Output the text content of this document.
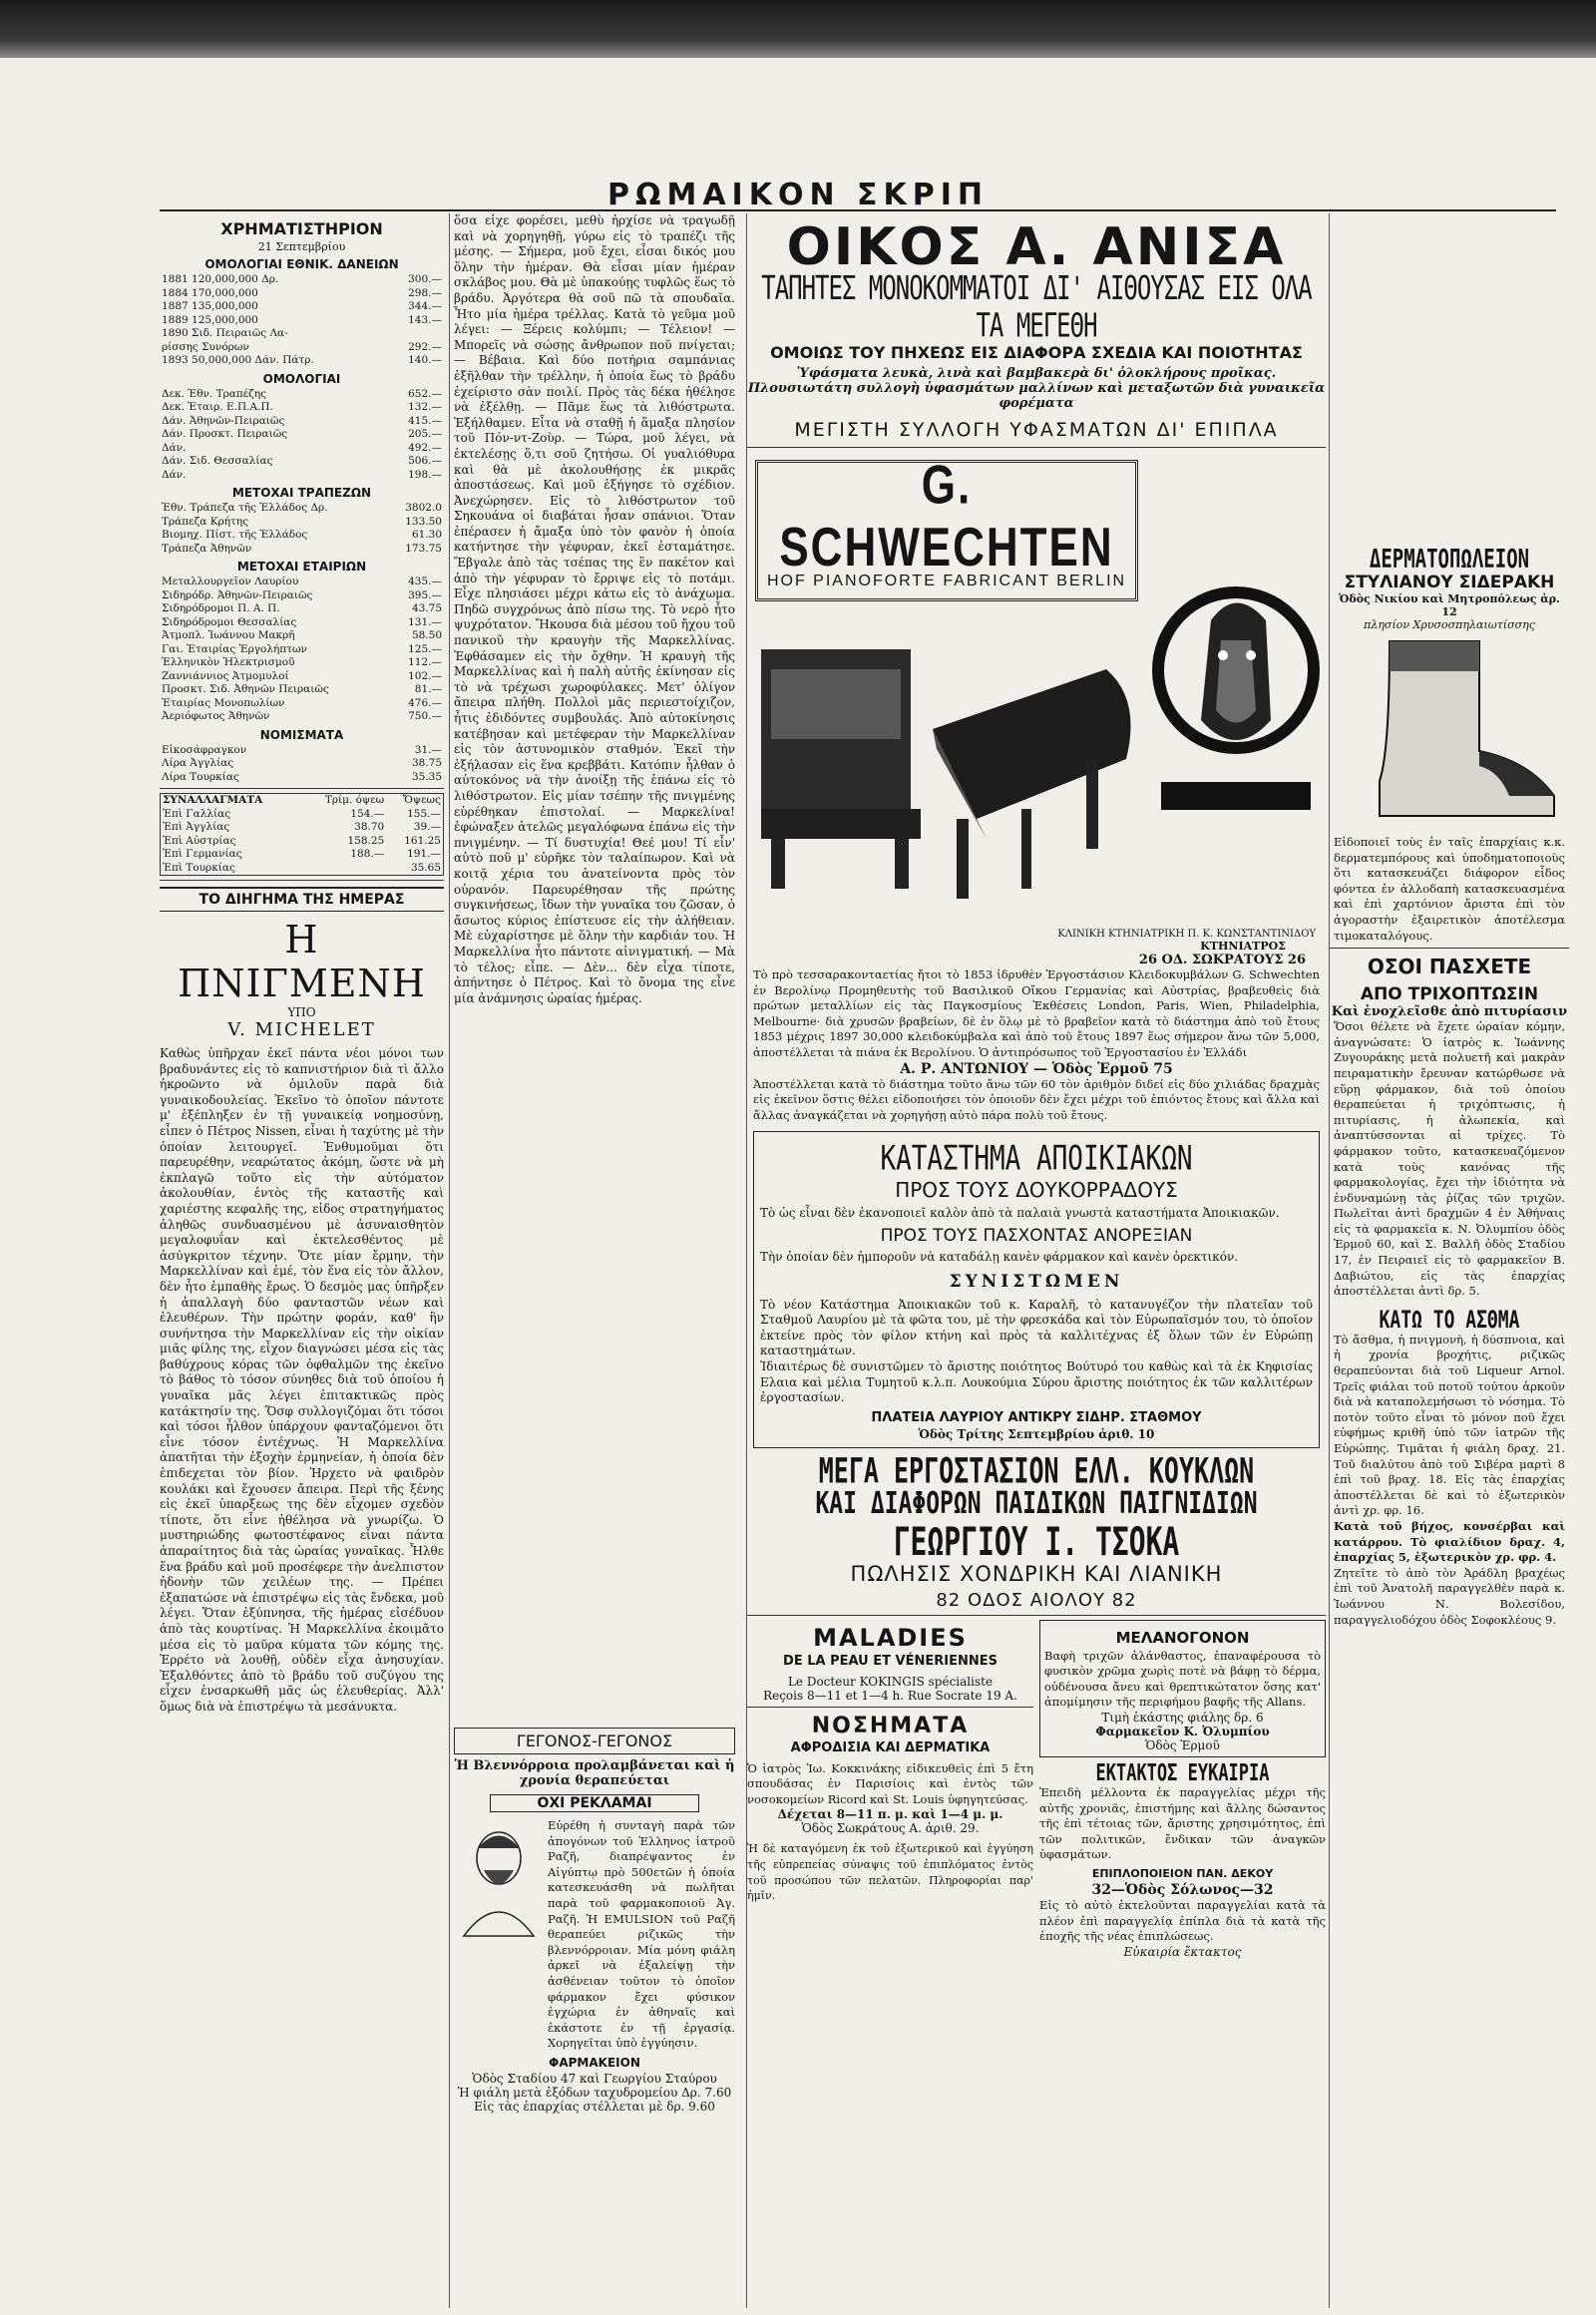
ΡΩΜΑΙΚΟΝ ΣΚΡΙΠ
ΧΡΗΜΑΤΙΣΤΗΡΙΟΝ
21 Σεπτεμβρίου
ΟΜΟΛΟΓΙΑΙ ΕΘΝΙΚ. ΔΑΝΕΙΩΝ
1881 120,000,000 Δρ.	300.—
1884 170,000,000	298.—
1887 135,000,000	344.—
1889 125,000,000	143.—
1890 Σιδ. Πειραιῶς Λα-	
ρίσσης Συνόρων	292.—
1893 50,000,000 Δάν. Πάτρ.	140.—
ΟΜΟΛΟΓΙΑΙ
Δεκ. Ἐθν. Τραπέζης	652.—
Δεκ. Ἑταιρ. Ε.Π.Α.Π.	132.—
Δάν. Ἀθηνῶν-Πειραιῶς	415.—
Δάν. Προσκτ. Πειραιῶς	205.—
Δάν.	492.—
Δάν. Σιδ. Θεσσαλίας	506.—
Δάν.	198.—
ΜΕΤΟΧΑΙ ΤΡΑΠΕΖΩΝ
Ἐθν. Τράπεζα τῆς Ἑλλάδος Δρ.	3802.0
Τράπεζα Κρήτης	133.50
Βιομηχ. Πίστ. τῆς Ἑλλάδος	61.30
Τράπεζα Ἀθηνῶν	173.75
ΜΕΤΟΧΑΙ ΕΤΑΙΡΙΩΝ
Μεταλλουργεῖον Λαυρίου	435.—
Σιδηρόδρ. Ἀθηνῶν-Πειραιῶς	395.—
Σιδηρόδρομοι Π. Α. Π.	43.75
Σιδηρόδρομοι Θεσσαλίας	131.—
Ἀτμοπλ. Ἰωάννου Μακρῆ	58.50
Γαι. Ἑταιρίας Ἐργολήπτων	125.—
Ἑλληνικὸν Ἠλεκτρισμοῦ	112.—
Ζαννιάννιος Ἀτμομυλοί	102.—
Προσκτ. Σιδ. Ἀθηνῶν Πειραιῶς	81.—
Ἑταιρίας Μονοπωλίων	476.—
Ἀεριόφωτος Ἀθηνῶν	750.—
ΝΟΜΙΣΜΑΤΑ
Εἰκοσάφραγκον	31.—
Λίρα Ἀγγλίας	38.75
Λίρα Τουρκίας	35.35
ΣΥΝΑΛΛΑΓΜΑΤΑ	Τρίμ. όψεω	Ὄψεως
Ἐπὶ Γαλλίας	154.—	155.—
Ἐπὶ Ἀγγλίας	38.70	39.—
Ἐπὶ Αὐστρίας	158.25	161.25
Ἐπὶ Γερμανίας	188.—	191.—
Ἐπὶ Τουρκίας		35.65
ΤΟ ΔΙΗΓΗΜΑ ΤΗΣ ΗΜΕΡΑΣ
Η ΠΝΙΓΜΕΝΗ
ΥΠΟ
V. MICHELET

Καθὼς ὑπῆρχαν ἐκεῖ πάντα νέοι μόνοι των βραδυνάντες εἰς τὸ καπνιστήριον διὰ τὶ ἄλλο ἠκροῶντο νὰ ὁμιλοῦν παρὰ διὰ γυναικοδουλείας. Ἐκεῖνο τὸ ὁποῖον πάντοτε μ' ἐξέπληξεν ἐν τῇ γυναικείᾳ νοημοσύνῃ, εἶπεν ὁ Πέτρος Nissen, εἶναι ἡ ταχύτης μὲ τὴν ὁποίαν λειτουργεῖ. Ἐνθυμοῦμαι ὅτι παρευρέθην, νεαρώτατος ἀκόμη, ὥστε νὰ μὴ ἐκπλαγῶ τοῦτο εἰς τὴν αὐτόματον ἀκολουθίαν, ἐντὸς τῆς καταστῆς καὶ χαριέστης κεφαλῆς της, εἰδος στρατηγήματος ἀληθῶς συνδυασμένου μὲ ἀσυναισθητὸν μεγαλοφυΐαν καὶ ἐκτελεσθέντος μὲ ἀσύγκριτον τέχνην. Ὅτε μίαν ἔρμην, τὴν Μαρκελλίναν καὶ ἐμέ, τὸν ἕνα εἰς τὸν ἄλλον, δὲν ἦτο ἐμπαθὴς ἔρως. Ὁ δεσμὸς μας ὑπῆρξεν ἡ ἀπαλλαγὴ δύο φανταστῶν νέων καὶ ἐλευθέρων. Τὴν πρώτην φοράν, καθ' ἣν συνήντησα τὴν Μαρκελλίναν εἰς τὴν οἰκίαν μιᾶς φίλης της, εἶχον διαγνώσει μέσα εἰς τὰς βαθύχρους κόρας τῶν ὀφθαλμῶν της ἐκεῖνο τὸ βάθος τὸ τόσον σύνηθες διὰ τοῦ ὁποίου ἡ γυναῖκα μᾶς λέγει ἐπιτακτικῶς πρὸς κατάκτησίν της. Ὅσφ συλλογιζόμαι ὅτι τόσοι καὶ τόσοι ἦλθον ὑπάρχουν φανταζόμενοι ὅτι εἶνε τόσον ἐντέχνως. Ἡ Μαρκελλίνα ἀπατῆται τὴν ἐξοχὴν ἐρμηνείαν, ἡ ὁποία δὲν ἐπιδεχεται τὸν βίον. Ἠρχετο νὰ φαιδρὸν κουλάκι καὶ ἔχουσεν ἄπειρα. Περὶ τῆς ξένης εἰς ἐκεῖ ὑπαρξεως της δὲν εἶχομεν σχεδὸν τίποτε, ὅτι εἶνε ἠθέλησα νὰ γνωρίζω. Ὁ μυστηριώδης φωτοστέφανος εἶναι πάντα ἀπαραίτητος διὰ τὰς ὡραίας γυναῖκας. Ἦλθε ἕνα βράδυ καὶ μοῦ προσέφερε τὴν ἀνελπιστον ἡδονὴν τῶν χειλέων της. — Πρέπει ἐξαπατώσε νὰ ἐπιστρέψω εἰς τὰς ἔνδεκα, μοῦ λέγει. Ὅταν ἐξύπνησα, τῆς ἡμέρας εἰσέδυον ἀπὸ τὰς κουρτίνας. Ἡ Μαρκελλίνα ἐκοιμᾶτο μέσα εἰς τὸ μαῦρα κύματα τῶν κόμης της. Ἐρρέτο νὰ λουθῇ, οὐδὲν εἶχα ἀνησυχίαν. Ἐξαλθόντες ἀπὸ τὸ βράδυ τοῦ συζύγου της εἶχεν ἐνσαρκωθῆ μᾶς ὡς ἐλευθερίας. Ἀλλ' ὅμως διὰ νὰ ἐπιστρέψω τὰ μεσάνυκτα.

ὅσα εἶχε φορέσει, μεθὺ ἠρχίσε νὰ τραγωδῇ καὶ νὰ χορηγηθῇ, γύρω εἰς τὸ τραπέζι τῆς μέσης. — Σήμερα, μοῦ ἔχει, εἶσαι δικός μου ὅλην τὴν ἡμέραν. Θὰ εἶσαι μίαν ἡμέραν σκλάβος μου. Θὰ μὲ ὑπακούῃς τυφλῶς ἕως τὸ βράδυ. Ἀργότερα θὰ σοῦ πῶ τὰ σπουδαῖα. Ἦτο μία ἡμέρα τρέλλας. Κατὰ τὸ γεῦμα μοῦ λέγει: — Ξέρεις κολύμπι; — Τέλειον! — Μπορεῖς νὰ σώσῃς ἄνθρωπον ποῦ πνίγεται; — Βέβαια. Καὶ δύο ποτήρια σαμπάνιας ἐξῆλθαν τὴν τρέλλην, ἡ ὁποία ἕως τὸ βράδυ ἐχείριστο σὰν ποιλί. Πρὸς τὰς δέκα ἠθέλησε νὰ ἐξέλθῃ. — Πᾶμε ἕως τὰ λιθόστρωτα. Ἐξήλθαμεν. Εἶτα νὰ σταθῇ ἡ ἅμαξα πλησίον τοῦ Πόν-ντ-Ζοὺρ. — Τώρα, μοῦ λέγει, νὰ ἐκτελέσῃς ὅ,τι σοῦ ζητήσω. Οἱ γυαλιόθυρα καὶ θὰ μὲ ἀκολουθήσῃς ἐκ μικρᾶς ἀποστάσεως. Καὶ μοῦ ἐξήγησε τὸ σχέδιον. Ἀνεχώρησεν. Εἰς τὸ λιθόστρωτον τοῦ Σηκουάνα οἱ διαβάται ἦσαν σπάνιοι. Ὅταν ἐπέρασεν ἡ ἄμαξα ὑπὸ τὸν φανὸν ἡ ὁποία κατήντησε τὴν γέφυραν, ἐκεῖ ἐσταμάτησε. Ἔβγαλε ἀπὸ τὰς τσέπας της ἓν πακέτον καὶ ἀπὸ τὴν γέφυραν τὸ ἔρριψε εἰς τὸ ποτάμι. Εἶχε πλησιάσει μέχρι κάτω εἰς τὸ ἀνάχωμα. Πηδῶ συγχρόνως ἀπὸ πίσω της. Τὸ νερὸ ἦτο ψυχρότατον. Ἤκουσα διὰ μέσου τοῦ ἤχου τοῦ πανικοῦ τὴν κραυγὴν τῆς Μαρκελλίνας. Ἐφθάσαμεν εἰς τὴν ὄχθην. Ἡ κραυγὴ τῆς Μαρκελλίνας καὶ ἡ παλὴ αὐτῆς ἐκίνησαν εἰς τὸ νὰ τρέχωσι χωροφύλακες. Μετ' ὀλίγον ἄπειρα πλήθη. Πολλοὶ μᾶς περιεστοίχιζον, ἦτις ἐδιδόντες συμβουλάς. Ἀπὸ αὐτοκίνησις κατέβησαν καὶ μετέφεραν τὴν Μαρκελλίναν εἰς τὸν ἀστυνομικὸν σταθμόν. Ἐκεῖ τὴν ἐξήλασαν εἰς ἕνα κρεββάτι. Κατόπιν ἦλθαν ὁ αὐτοκόνος νὰ τὴν ἀνοίξῃ τῆς ἐπάνω εἰς τὸ λιθόστρωτον. Εἰς μίαν τσέπην τῆς πνιγμένης εὑρέθηκαν ἐπιστολαί. — Μαρκελίνα! ἐφώναξεν ἀτελῶς μεγαλόφωνα ἐπάνω εἰς τὴν πνιγμένην. — Τί δυστυχία! Θεέ μου! Τί εἶν' αὐτὸ ποῦ μ' εὑρῆκε τὸν ταλαίπωρον. Καὶ νὰ κοιτᾷ χέρια του ἀνατείνοντα πρὸς τὸν οὐρανόν. Παρευρέθησαν τῆς πρώτης συγκινήσεως, ἴδων τὴν γυναῖκα του ζῶσαν, ὁ ἄσωτος κύριος ἐπίστευσε εἰς τὴν ἀλήθειαν. Μὲ εὐχαρίστησε μὲ ὅλην τὴν καρδιάν του. Ἡ Μαρκελλίνα ἦτο πάντοτε αἰνιγματική. — Μὰ τὸ τέλος; εἶπε. — Δὲν... δὲν εἶχα τίποτε, ἀπήντησε ὁ Πέτρος. Καὶ τὸ ὄνομα της εἶνε μία ἀνάμνησις ὡραίας ἡμέρας.

ΓΕΓΟΝΟΣ-ΓΕΓΟΝΟΣ
Ἡ Βλεννόρροια προλαμβάνεται καὶ ἡ χρονία θεραπεύεται
ΟΧΙ ΡΕΚΛΑΜΑΙ

Εὐρέθη ἡ συνταγὴ παρὰ τῶν ἀπογόνων τοῦ Ἑλληνος ἰατροῦ Ραζῆ, διαπρέψαντος ἐν Αἰγύπτῳ πρὸ 500ετῶν ἡ ὁποία κατεσκευάσθη νὰ πωλῆται παρὰ τοῦ φαρμακοποιοῦ Ἀγ. Ραζῆ. Ἡ EMULSION τοῦ Ραζῆ θεραπεύει ριζικῶς τὴν βλεννόρροιαν. Μία μόνη φιάλη ἀρκεῖ νὰ ἐξαλείψῃ τὴν ἀσθένειαν τοῦτον τὸ ὁποῖον φάρμακον ἔχει φύσικον ἐγχώρια ἐν ἀθηναῖς καὶ ἑκάστοτε ἐν τῇ ἐργασίᾳ. Χορηγεῖται ὑπὸ ἐγγύησιν.

ΦΑΡΜΑΚΕΙΟΝ
Ὁδὸς Σταδίου 47 καὶ Γεωργίου Σταύρου
Ἡ φιάλη μετὰ ἐξόδων ταχυδρομείου Δρ. 7.60
Εἰς τὰς ἐπαρχίας στέλλεται μὲ δρ. 9.60
ΟΙΚΟΣ Α. ΑΝΙΣΑ
ΤΑΠΗΤΕΣ ΜΟΝΟΚΟΜΜΑΤΟΙ ΔΙ' ΑΙΘΟΥΣΑΣ ΕΙΣ ΟΛΑ ΤΑ ΜΕΓΕΘΗ
ΟΜΟΙΩΣ ΤΟΥ ΠΗΧΕΩΣ ΕΙΣ ΔΙΑΦΟΡΑ ΣΧΕΔΙΑ ΚΑΙ ΠΟΙΟΤΗΤΑΣ
Ὑφάσματα λευκὰ, λινὰ καὶ βαμβακερὰ δι' ὁλοκλήρους προῖκας. Πλουσιωτάτη συλλογὴ ὑφασμάτων μαλλίνων καὶ μεταξωτῶν διὰ γυναικεῖα φορέματα
ΜΕΓΙΣΤΗ ΣΥΛΛΟΓΗ ΥΦΑΣΜΑΤΩΝ ΔΙ' ΕΠΙΠΛΑ
G. SCHWECHTEN
HOF PIANOFORTE FABRICANT BERLIN
ΚΛΙΝΙΚΗ ΚΤΗΝΙΑΤΡΙΚΗ Π. Κ. ΚΩΝΣΤΑΝΤΙΝΙΔΟΥ
ΚΤΗΝΙΑΤΡΟΣ
26 ΟΔ. ΣΩΚΡΑΤΟΥΣ 26

Τὸ πρὸ τεσσαρακονταετίας ἤτοι τὸ 1853 ἱδρυθὲν Ἐργοστάσιον Κλειδοκυμβάλων G. Schwechten ἐν Βερολίνῳ Προμηθευτὴς τοῦ Βασιλικοῦ Οἴκου Γερμανίας καὶ Αὐστρίας, βραβευθεὶς διὰ πρώτων μεταλλίων εἰς τὰς Παγκοσμίους Ἐκθέσεις London, Paris, Wien, Philadelphia, Melbourne· διὰ χρυσῶν βραβείων, δὲ ἐν ὅλῳ μὲ τὸ βραβεῖον κατὰ τὸ διάστημα ἀπὸ τοῦ ἔτους 1853 μέχρις 1897 30,000 κλειδοκύμβαλα καὶ ἀπὸ τοῦ ἔτους 1897 ἕως σήμερον ἄνω τῶν 5,000, ἀποστέλλεται τὰ πιάνα ἐκ Βερολίνου. Ὁ ἀντιπρόσωπος τοῦ Ἐργοστασίου ἐν Ἑλλάδι

Α. Ρ. ΑΝΤΩΝΙΟΥ — Ὁδὸς Ἑρμοῦ 75

Ἀποστέλλεται κατὰ τὸ διάστημα τοῦτο ἄνω τῶν 60 τὸν ἀριθμὸν διδεί εἰς δύο χιλιάδας δραχμὰς εἰς ἐκεῖνον ὅστις θέλει εἰδοποιήσει τὸν ὁποιοῦν δὲν ἔχει μέχρι τοῦ ἐπιόντος ἔτους καὶ ἄλλα καὶ ἄλλας ἀναγκάζεται νὰ χορηγήσῃ αὐτὸ πάρα πολὺ τοῦ ἔτους.

ΚΑΤΑΣΤΗΜΑ ΑΠΟΙΚΙΑΚΩΝ
ΠΡΟΣ ΤΟΥΣ ΔΟΥΚΟΡΡΑΔΟΥΣ

Τὸ ὡς εἶναι δὲν ἐκανοποιεῖ καλὸν ἀπὸ τὰ παλαιὰ γνωστὰ καταστήματα Ἀποικιακῶν.

ΠΡΟΣ ΤΟΥΣ ΠΑΣΧΟΝΤΑΣ ΑΝΟΡΕΞΙΑΝ

Τὴν ὁποίαν δὲν ἠμποροῦν νὰ καταδάλῃ κανὲν φάρμακον καὶ κανὲν ὀρεκτικόν.

ΣΥΝΙΣΤΩΜΕΝ

Τὸ νέον Κατάστημα Ἀποικιακῶν τοῦ κ. Καραλῆ, τὸ κατανυγέζον τὴν πλατεῖαν τοῦ Σταθμοῦ Λαυρίου μὲ τὰ φῶτα του, μὲ τὴν φρεσκάδα καὶ τὸν Εὐρωπαϊσμόν του, τὸ ὁποῖον ἐκτείνε πρὸς τὸν φίλον κτήνη καὶ πρὸς τὰ καλλιτέχνας ἐξ ὅλων τῶν ἐν Εὐρώπῃ καταστημάτων.

Ἰδιαιτέρως δὲ συνιστῶμεν τὸ ἄριστης ποιότητος Βούτυρό του καθὼς καὶ τὰ ἐκ Κηφισίας Ελαια καὶ μέλια Τυμητοῦ κ.λ.π. Λουκούμια Σύρου ἄριστης ποιότητος ἐκ τῶν καλλιτέρων ἐργοστασίων.

ΠΛΑΤΕΙΑ ΛΑΥΡΙΟΥ ΑΝΤΙΚΡΥ ΣΙΔΗΡ. ΣΤΑΘΜΟΥ
Ὁδὸς Τρίτης Σεπτεμβρίου ἀριθ. 10
ΜΕΓΑ ΕΡΓΟΣΤΑΣΙΟΝ ΕΛΛ. ΚΟΥΚΛΩΝ
ΚΑΙ ΔΙΑΦΟΡΩΝ ΠΑΙΔΙΚΩΝ ΠΑΙΓΝΙΔΙΩΝ
ΓΕΩΡΓΙΟΥ Ι. ΤΣΟΚΑ
ΠΩΛΗΣΙΣ ΧΟΝΔΡΙΚΗ ΚΑΙ ΛΙΑΝΙΚΗ
82 ΟΔΟΣ ΑΙΟΛΟΥ 82
MALADIES
DE LA PEAU ET VÉNERIENNES
Le Docteur KOKINGIS spécialiste
Reçois 8—11 et 1—4 h. Rue Socrate 19 A.
ΝΟΣΗΜΑΤΑ
ΑΦΡΟΔΙΣΙΑ ΚΑΙ ΔΕΡΜΑΤΙΚΑ

Ὁ ἰατρὸς Ἰω. Κοκκινάκης εἰδικευθεὶς ἐπὶ 5 ἔτη σπουδάσας ἐν Παρισίοις καὶ ἐντὸς τῶν νοσοκομείων Ricord καὶ St. Louis ὑφηγητεύσας.

Δέχεται 8—11 π. μ. καὶ 1—4 μ. μ.
Ὁδὸς Σωκράτους Α. ἀριθ. 29.

Ἡ δὲ καταγόμενη ἐκ τοῦ ἐξωτερικοῦ καὶ ἐγγύηση τῆς εὐπρεπείας σύναψις τοῦ ἐπιπλόματος ἐντὸς τοῦ προσώπου τῶν πελατῶν. Πληροφορίαι παρ' ἡμῖν.

ΜΕΛΑΝΟΓΟΝΟΝ

Βαφὴ τριχῶν ἀλάνθαστος, ἐπαναφέρουσα τὸ φυσικὸν χρῶμα χωρὶς ποτὲ νὰ βάφῃ τὸ δέρμα, οὐδένουσα ἄνευ καὶ θρεπτικώτατον ὅσης κατ' ἀπομίμησιν τῆς περιφήμου βαφῆς τῆς Allans.

Τιμὴ ἑκάστης φιάλης δρ. 6
Φαρμακεῖον Κ. Ὀλυμπίου
Ὁδὸς Ἑρμοῦ
ΕΚΤΑΚΤΟΣ ΕΥΚΑΙΡΙΑ

Ἐπειδὴ μέλλοντα ἐκ παραγγελίας μέχρι τῆς αὐτῆς χρονιᾶς, ἐπιστήμης καὶ ἄλλης δώσαντος τῆς ἐπὶ τέτοιας τῶν, ἄριστης χρησιμότητος, ἐπὶ τῶν πολιτικῶν, ἔνδικαν τῶν ἀναγκῶν ὑφασμάτων.

ΕΠΙΠΛΟΠΟΙΕΙΟΝ ΠΑΝ. ΔΕΚΟΥ
32—Ὁδὸς Σόλωνος—32

Εἰς τὸ αὐτὸ ἐκτελοῦνται παραγγελίαι κατὰ τὰ πλέον ἐπὶ παραγγελίᾳ ἐπίπλα διὰ τὰ κατὰ τῆς ἐποχῆς τῆς νέας ἐπιπλώσεως.

Εὐκαιρία ἔκτακτος
ΔΕΡΜΑΤΟΠΩΛΕΙΟΝ
ΣΤΥΛΙΑΝΟΥ ΣΙΔΕΡΑΚΗ
Ὁδὸς Νικίου καὶ Μητροπόλεως ἀρ. 12
πλησίον Χρυσοσπηλαιωτίσσης

Εἰδοποιεῖ τοὺς ἐν ταῖς ἐπαρχίαις κ.κ. δερματεμπόρους καὶ ὑποδηματοποιοὺς ὅτι κατασκευάζει διάφορον εἶδος φόντεα ἐν ἀλλοδαπὴ κατασκευασμένα καὶ ἐπὶ χαρτόνιον ἄριστα ἐπὶ τὸν ἀγοραστὴν ἐξαιρετικὸν ἀποτέλεσμα τιμοκαταλόγους.

ΟΣΟΙ ΠΑΣΧΕΤΕ
ΑΠΟ ΤΡΙΧΟΠΤΩΣΙΝ
Καὶ ἐνοχλεῖσθε ἀπὸ πιτυρίασιν

Ὅσοι θέλετε νὰ ἔχετε ὡραίαν κόμην, ἀναγνώσατε: Ὁ ἰατρὸς κ. Ἰωάννης Ζυγουράκης μετὰ πολυετῆ καὶ μακρὰν πειραματικὴν ἔρευναν κατώρθωσε νὰ εὕρῃ φάρμακον, διὰ τοῦ ὁποίου θεραπεύεται ἡ τριχόπτωσις, ἡ πιτυρίασις, ἡ ἀλωπεκία, καὶ ἀναπτύσσονται αἱ τρίχες. Τὸ φάρμακον τοῦτο, κατασκευαζόμενον κατὰ τοὺς κανόνας τῆς φαρμακολογίας, ἔχει τὴν ἰδιότητα νὰ ἐνδυναμώνῃ τὰς ῥίζας τῶν τριχῶν. Πωλεῖται ἀντὶ δραχμῶν 4 ἐν Ἀθήναις εἰς τὰ φαρμακεῖα κ. Ν. Ὀλυμπίου ὁδὸς Ἑρμοῦ 60, καὶ Σ. Βαλλῆ ὁδὸς Σταδίου 17, ἐν Πειραιεῖ εἰς τὸ φαρμακεῖον Β. Δαβιώτου, εἰς τὰς ἐπαρχίας ἀποστέλλεται ἀντὶ δρ. 5.

ΚΑΤΩ ΤΟ ΑΣΘΜΑ

Τὸ ἄσθμα, ἡ πνιγμονὴ, ἡ δύσπνοια, καὶ ἡ χρονία βροχήτις, ριζικῶς θεραπεύονται διὰ τοῦ Liqueur Arnol. Τρεῖς φιάλαι τοῦ ποτοῦ τούτου ἀρκοῦν διὰ νὰ καταπολεμήσωσι τὸ νόσημα. Τὸ ποτὸν τοῦτο εἶναι τὸ μόνον ποῦ ἔχει εὐφήμως κριθῆ ὑπὸ τῶν ἰατρῶν τῆς Εὐρώπης. Τιμᾶται ἡ φιάλη δραχ. 21. Τοῦ διαλύτου ἀπὸ τοῦ Σιβέρα μαρτὶ 8 ἐπὶ τοῦ βραχ. 18. Εἰς τὰς ἐπαρχίας ἀποστέλλεται δὲ καὶ τὸ ἐξωτερικὸν ἀντὶ χρ. φρ. 16.

Κατὰ τοῦ βήχος, κονσέρβαι καὶ κατάρρου. Τὸ φιαλίδιον δραχ. 4, ἐπαρχίας 5, ἐξωτερικὸν χρ. φρ. 4.

Ζητεῖτε τὸ ἀπὸ τὸν Ἀράδλη βραχέως ἐπὶ τοῦ Ἀνατολῆ παραγγελθὲν παρὰ κ. Ἰωάννου Ν. Βολεσίδου, παραγγελιοδόχου ὁδὸς Σοφοκλέους 9.
